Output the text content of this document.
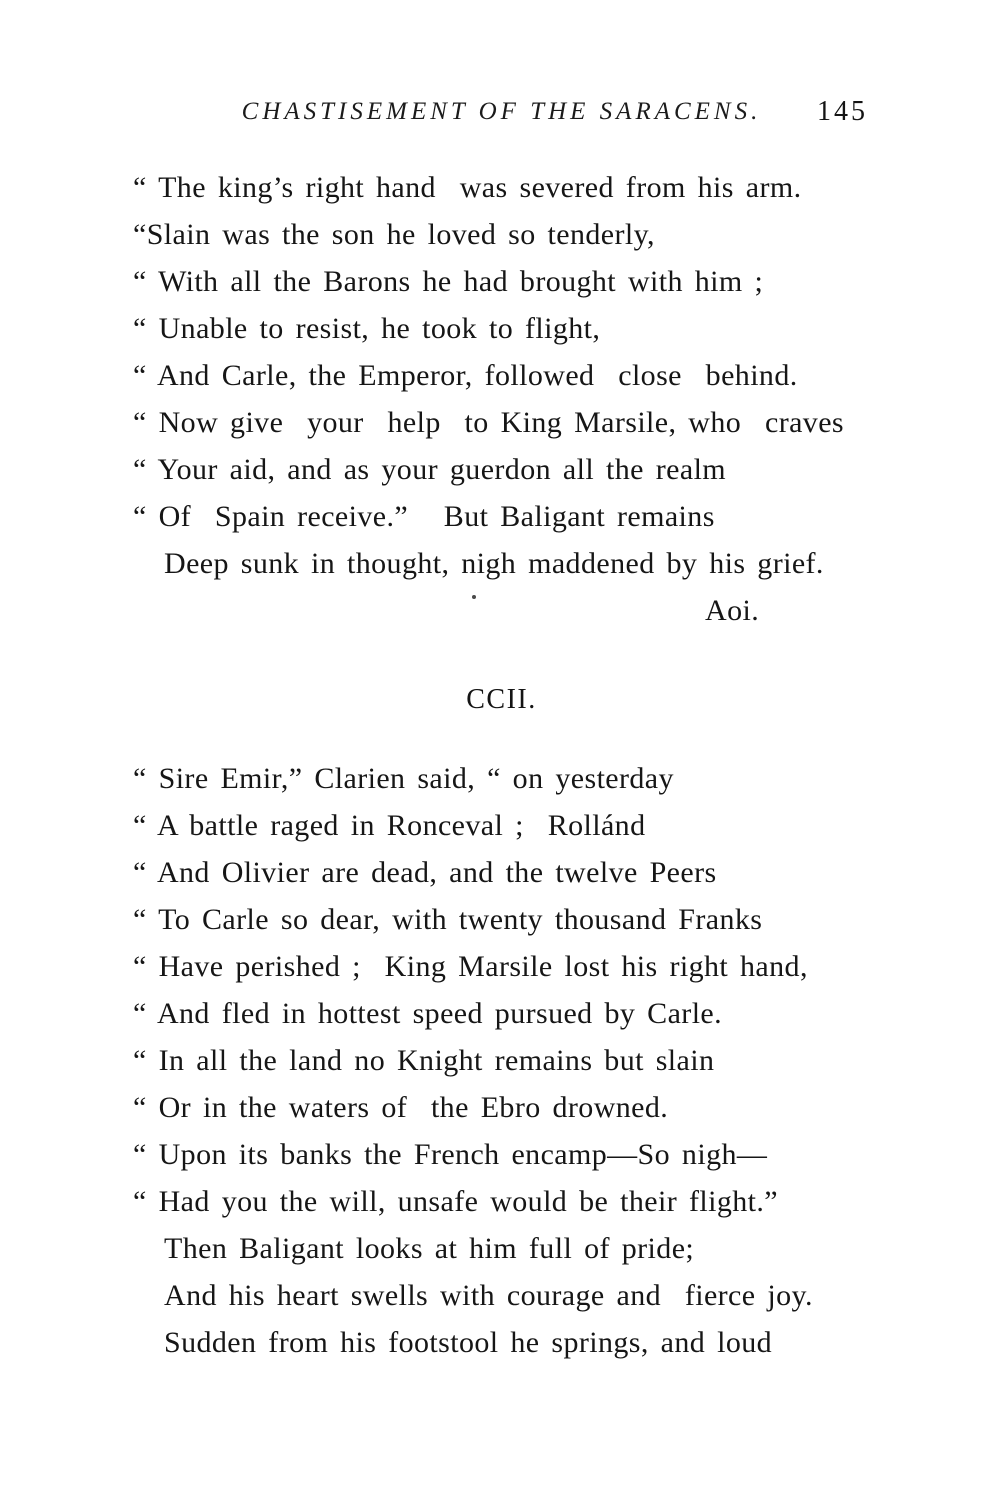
CHASTISEMENT OF THE SARACENS.	145
“ The king’s right hand  was severed from his arm.
“Slain was the son he loved so tenderly,
“ With all the Barons he had brought with him ;
“ Unable to resist, he took to flight,
“ And Carle, the Emperor, followed  close  behind.
“ Now give  your  help  to King Marsile, who  craves
“ Your aid, and as your guerdon all the realm
“ Of  Spain receive.”   But Baligant remains
Deep sunk in thought, nigh maddened by his grief.
Aoi.
CCII.
“ Sire Emir,” Clarien said, “ on yesterday
“ A battle raged in Ronceval ;  Rollánd
“ And Olivier are dead, and the twelve Peers
“ To Carle so dear, with twenty thousand Franks
“ Have perished ;  King Marsile lost his right hand,
“ And fled in hottest speed pursued by Carle.
“ In all the land no Knight remains but slain
“ Or in the waters of  the Ebro drowned.
“ Upon its banks the French encamp—So nigh—
“ Had you the will, unsafe would be their flight.”
Then Baligant looks at him full of pride;
And his heart swells with courage and  fierce joy.
Sudden from his footstool he springs, and loud
